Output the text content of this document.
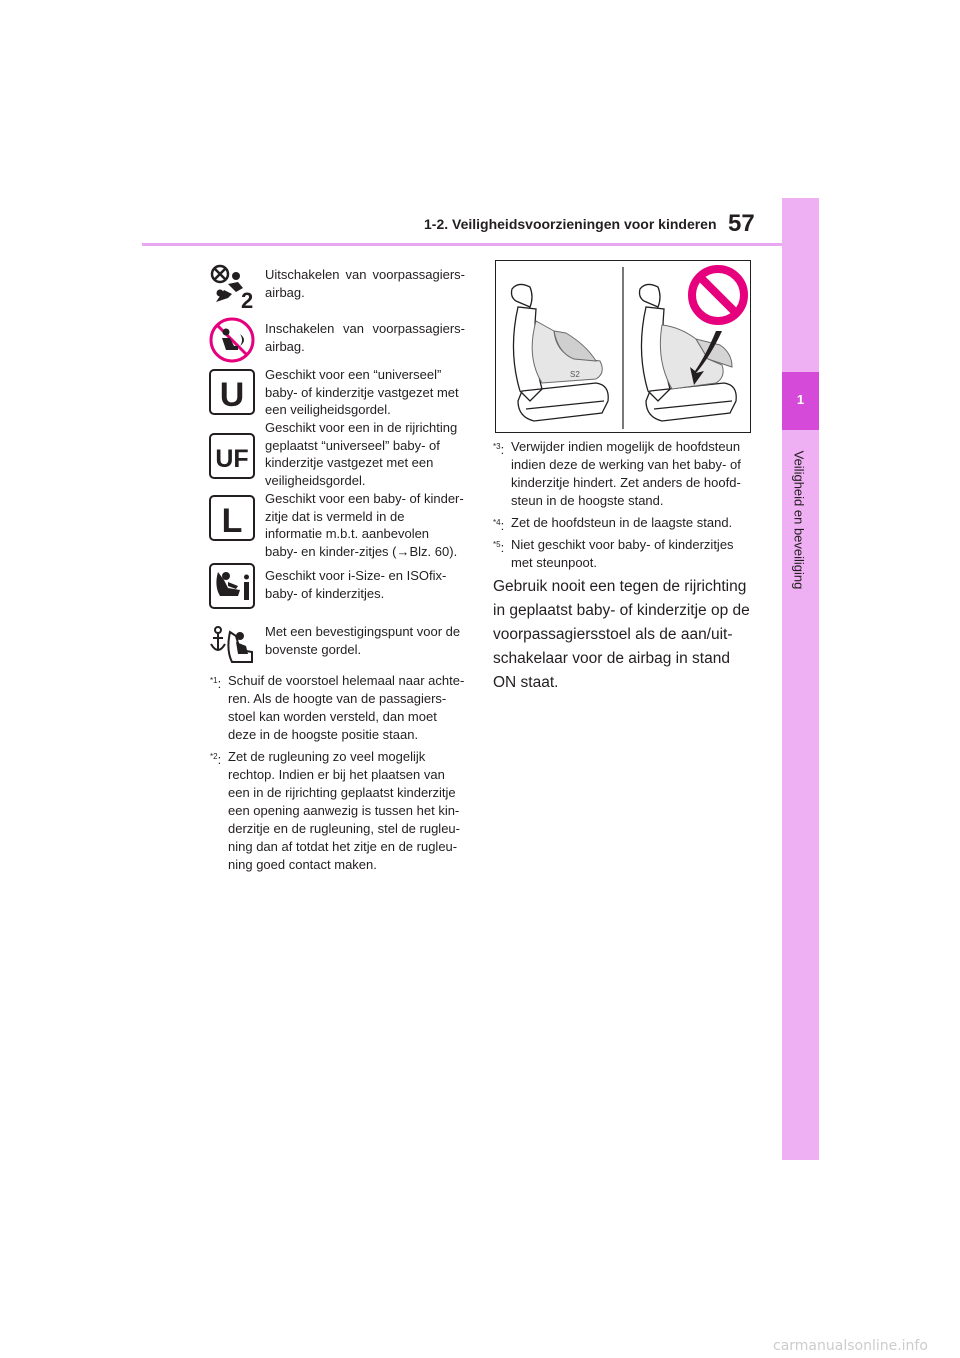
1-2. Veiligheidsvoorzieningen voor kinderen 57
1
Veiligheid en beveiliging
2
U
UF
L
Uitschakelen van voorpassagiers-airbag.
Inschakelen van voorpassagiers-airbag.
Geschikt voor een “universeel” baby- of kinderzitje vastgezet met een veiligheidsgordel.
Geschikt voor een in de rijrichting geplaatst “universeel” baby- of kinderzitje vastgezet met een veiligheidsgordel.
Geschikt voor een baby- of kinder-zitje dat is vermeld in de informatie m.b.t. aanbevolen baby- en kinder-zitjes (→Blz. 60).
Geschikt voor i-Size- en ISOfix-baby- of kinderzitjes.
Met een bevestigingspunt voor de bovenste gordel.
$^{*1}$: Schuif de voorstoel helemaal naar achte-ren. Als de hoogte van de passagiers-stoel kan worden versteld, dan moet deze in de hoogste positie staan.
$^{*2}$: Zet de rugleuning zo veel mogelijk rechtop. Indien er bij het plaatsen van een in de rijrichting geplaatst kinderzitje een opening aanwezig is tussen het kin-derzitje en de rugleuning, stel de rugleu-ning dan af totdat het zitje en de rugleu-ning goed contact maken.
S2
$^{*3}$: Verwijder indien mogelijk de hoofdsteun indien deze de werking van het baby- of kinderzitje hindert. Zet anders de hoofd-steun in de hoogste stand.
$^{*4}$: Zet de hoofdsteun in de laagste stand.
$^{*5}$: Niet geschikt voor baby- of kinderzitjes met steunpoot.
Gebruik nooit een tegen de rijrichting in geplaatst baby- of kinderzitje op de voorpassagiersstoel als de aan/uit-schakelaar voor de airbag in stand ON staat.
carmanualsonline.info
